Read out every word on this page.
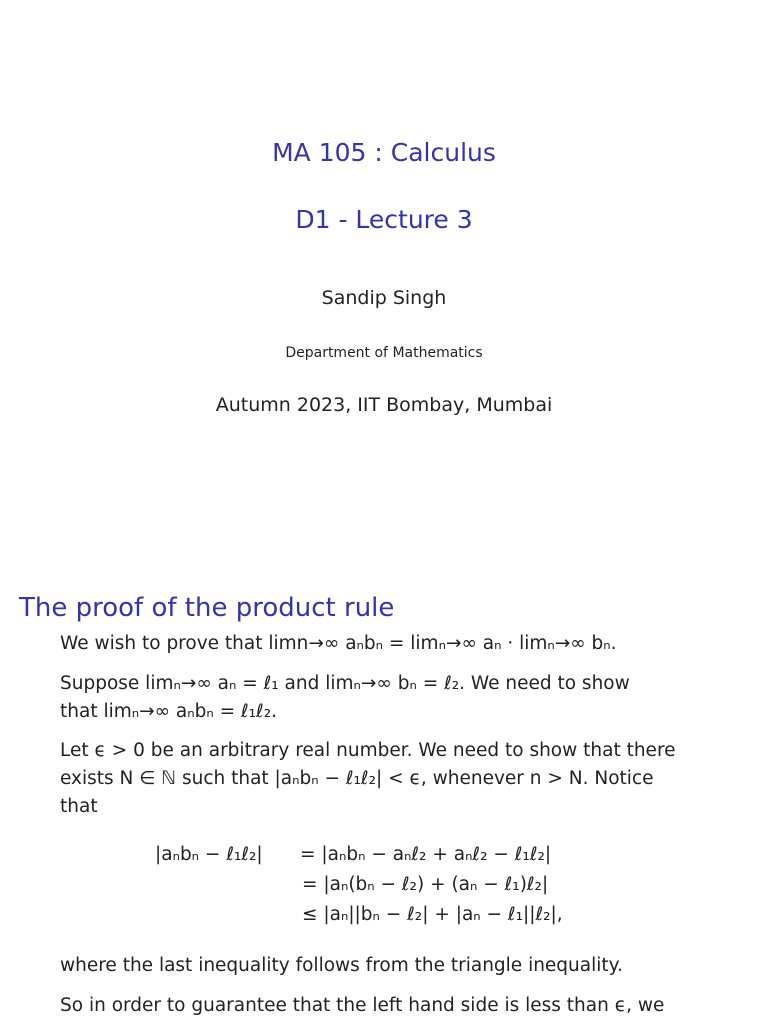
MA 105 : Calculus
D1 - Lecture 3
Sandip Singh
Department of Mathematics
Autumn 2023, IIT Bombay, Mumbai
The proof of the product rule
We wish to prove that limn→∞ aₙbₙ = limₙ→∞ aₙ · limₙ→∞ bₙ.
Suppose limₙ→∞ aₙ = ℓ₁ and limₙ→∞ bₙ = ℓ₂. We need to show
that limₙ→∞ aₙbₙ = ℓ₁ℓ₂.
Let ϵ > 0 be an arbitrary real number. We need to show that there
exists N ∈ ℕ such that |aₙbₙ − ℓ₁ℓ₂| < ϵ, whenever n > N. Notice
that
|aₙbₙ − ℓ₁ℓ₂| = |aₙbₙ − aₙℓ₂ + aₙℓ₂ − ℓ₁ℓ₂|
= |aₙ(bₙ − ℓ₂) + (aₙ − ℓ₁)ℓ₂|
≤ |aₙ||bₙ − ℓ₂| + |aₙ − ℓ₁||ℓ₂|,
where the last inequality follows from the triangle inequality.
So in order to guarantee that the left hand side is less than ϵ, we
